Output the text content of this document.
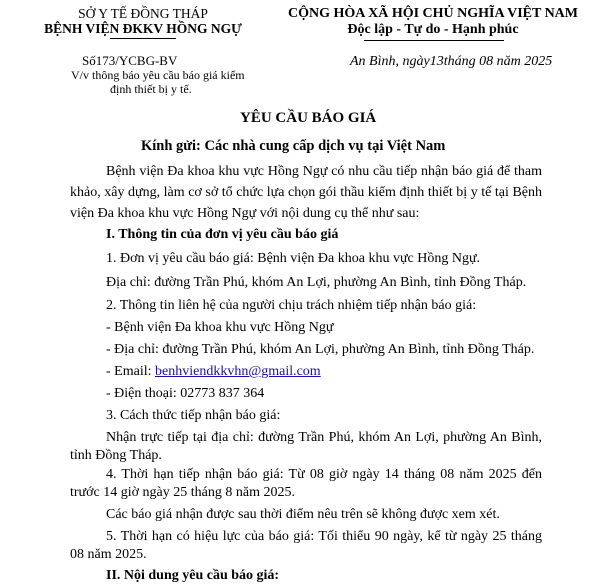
SỞ Y TẾ ĐỒNG THÁP
BỆNH VIỆN ĐKKV HỒNG NGỰ
Số173/YCBG-BV
V/v thông báo yêu cầu báo giá kiểm
định thiết bị y tế.
CỘNG HÒA XÃ HỘI CHỦ NGHĨA VIỆT NAM
Độc lập - Tự do - Hạnh phúc
An Bình, ngày13tháng 08 năm 2025
YÊU CẦU BÁO GIÁ
Kính gửi: Các nhà cung cấp dịch vụ tại Việt Nam
Bệnh viện Đa khoa khu vực Hồng Ngự có nhu cầu tiếp nhận báo giá để tham
khảo, xây dựng, làm cơ sở tổ chức lựa chọn gói thầu kiểm định thiết bị y tế tại Bệnh
viện Đa khoa khu vực Hồng Ngự với nội dung cụ thể như sau:
I. Thông tin của đơn vị yêu cầu báo giá
1. Đơn vị yêu cầu báo giá: Bệnh viện Đa khoa khu vực Hồng Ngự.
Địa chỉ: đường Trần Phú, khóm An Lợi, phường An Bình, tỉnh Đồng Tháp.
2. Thông tin liên hệ của người chịu trách nhiệm tiếp nhận báo giá:
- Bệnh viện Đa khoa khu vực Hồng Ngự
- Địa chỉ: đường Trần Phú, khóm An Lợi, phường An Bình, tỉnh Đồng Tháp.
- Email: benhviendkkvhn@gmail.com
- Điện thoại: 02773 837 364
3. Cách thức tiếp nhận báo giá:
Nhận trực tiếp tại địa chỉ: đường Trần Phú, khóm An Lợi, phường An Bình,
tỉnh Đồng Tháp.
4. Thời hạn tiếp nhận báo giá: Từ 08 giờ ngày 14 tháng 08 năm 2025 đến
trước 14 giờ ngày 25 tháng 8 năm 2025.
Các báo giá nhận được sau thời điểm nêu trên sẽ không được xem xét.
5. Thời hạn có hiệu lực của báo giá: Tối thiểu 90 ngày, kể từ ngày 25 tháng
08 năm 2025.
II. Nội dung yêu cầu báo giá:
